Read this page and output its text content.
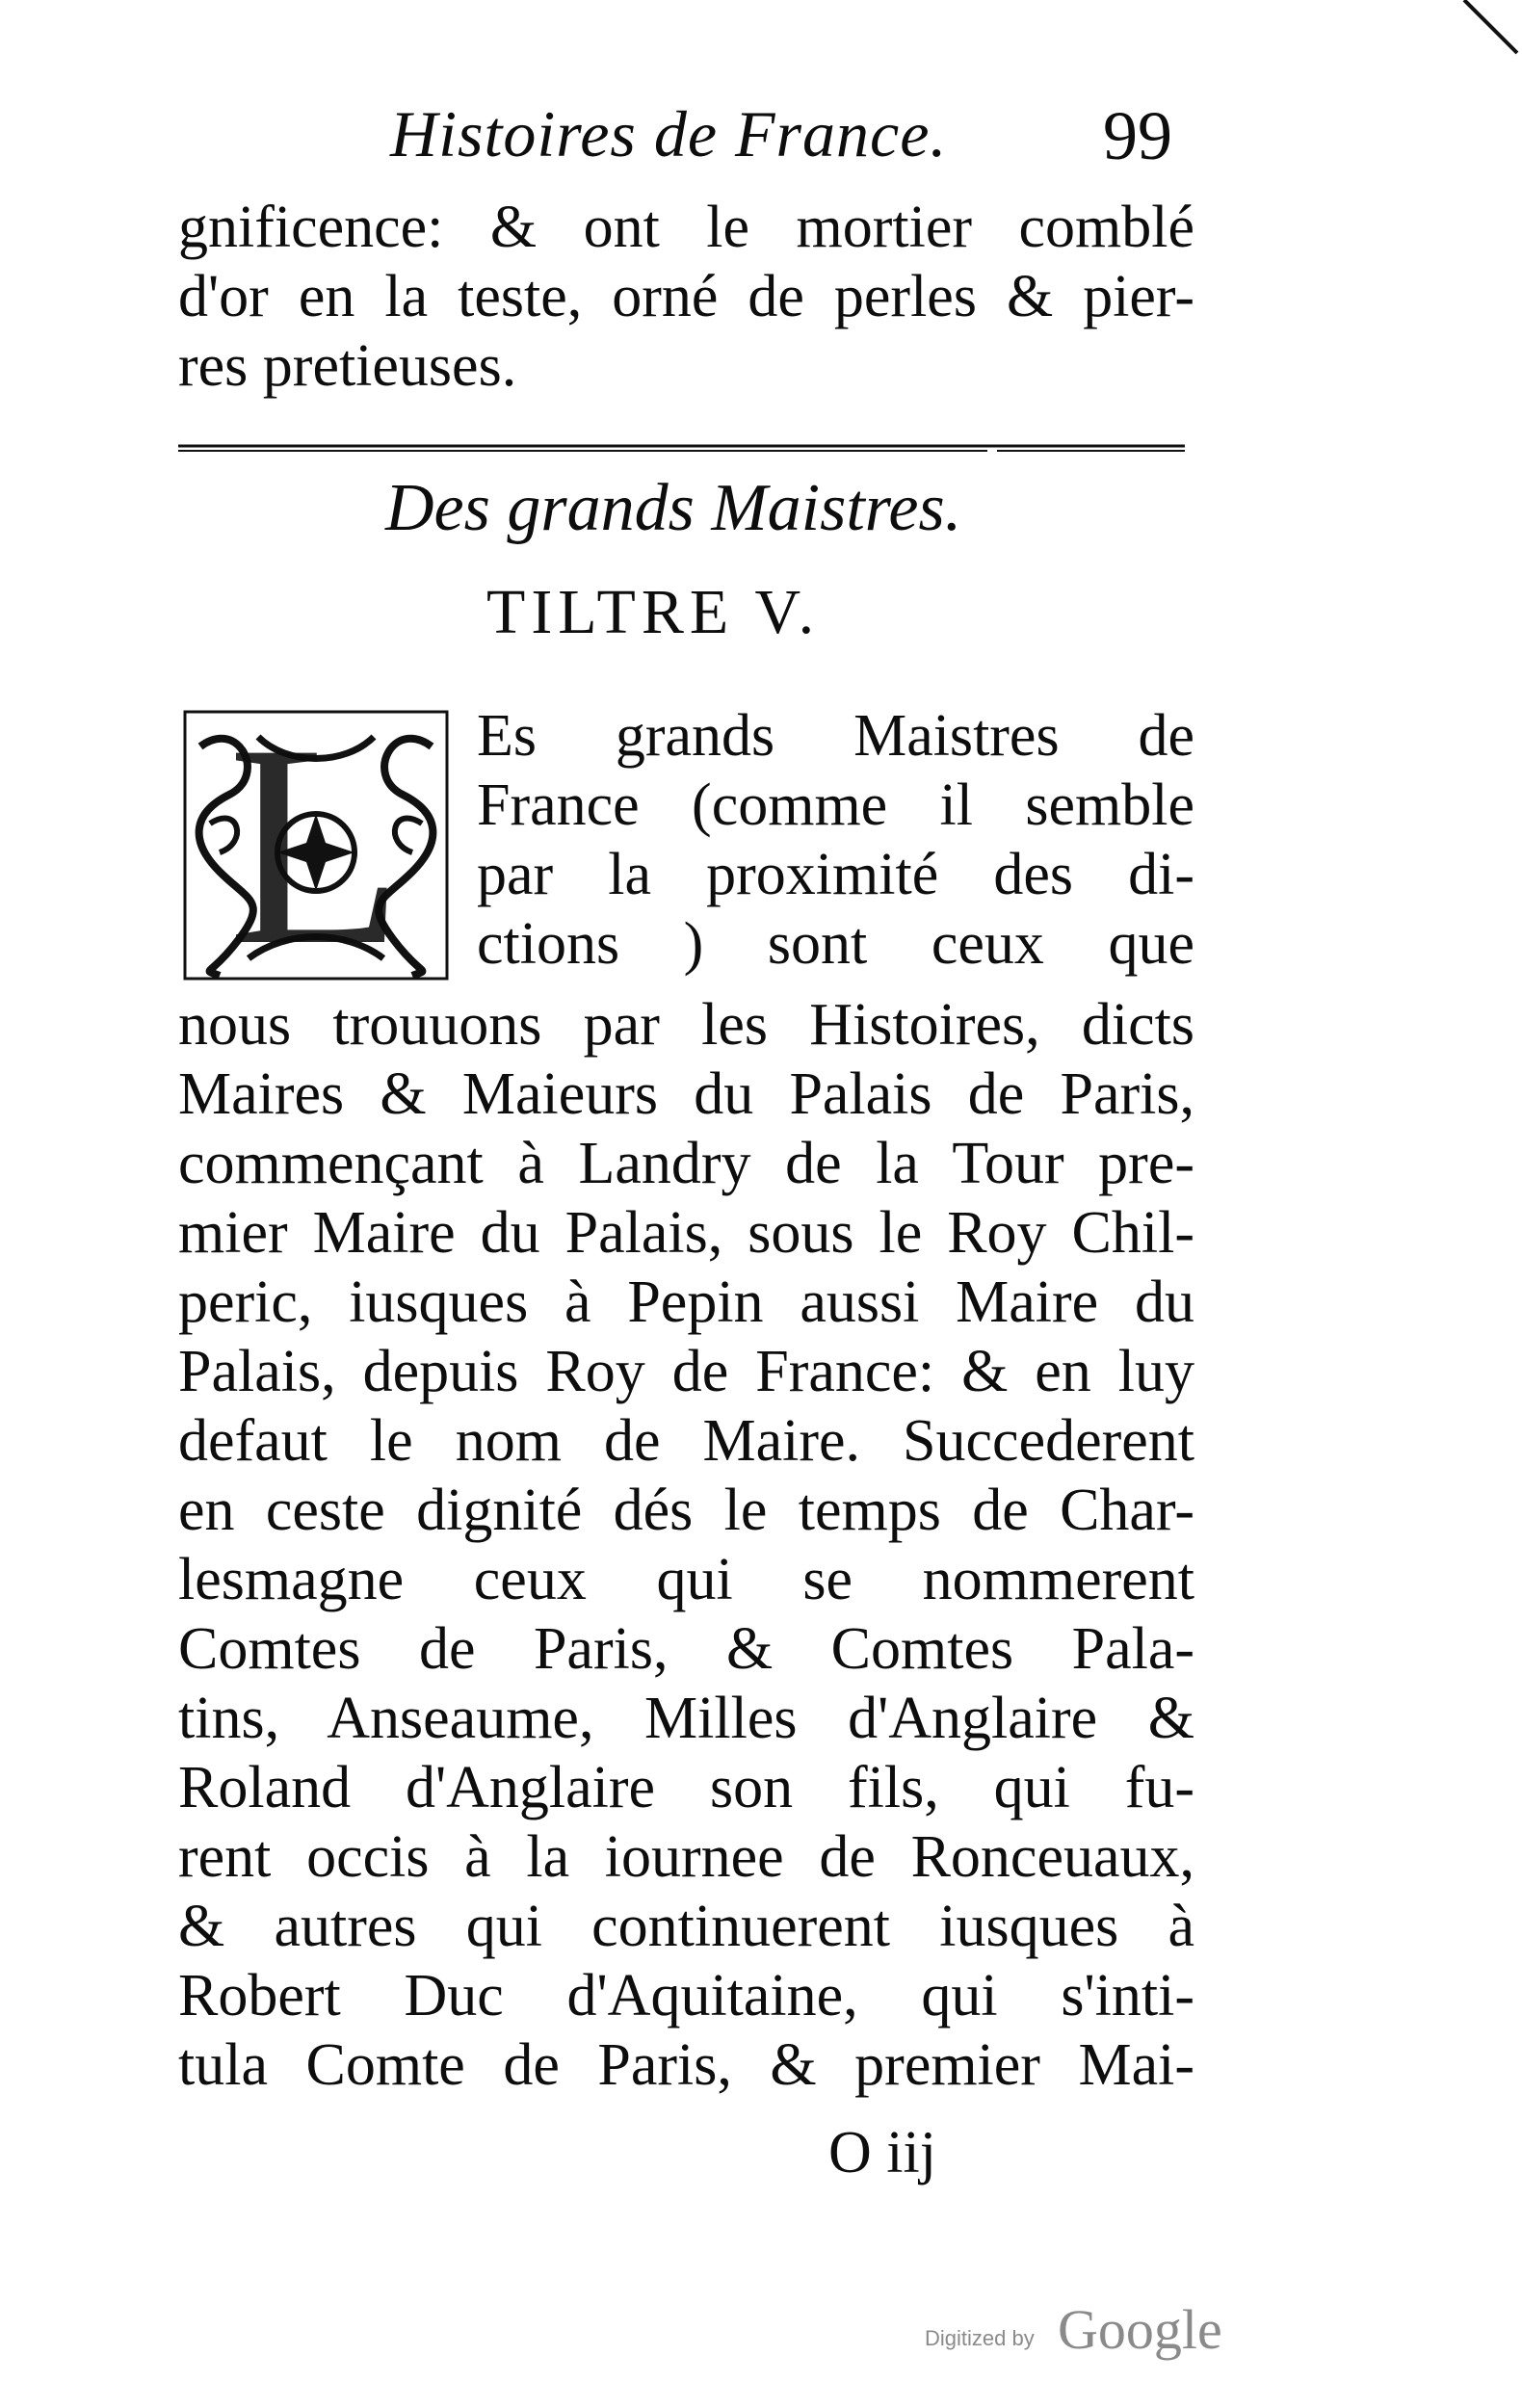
Histoires de France. 99
gnificence: & ont le mortier comblé
d'or en la teste, orné de perles & pier-
res pretieuses.
Des grands Maistres.
TILTRE V.
L	Es grands Maistres de
France (comme il semble
par la proximité des di-
ctions ) sont ceux que
nous trouuons par les Histoires, dicts
Maires & Maieurs du Palais de Paris,
commençant à Landry de la Tour pre-
mier Maire du Palais, sous le Roy Chil-
peric, iusques à Pepin aussi Maire du
Palais, depuis Roy de France: & en luy
defaut le nom de Maire. Succederent
en ceste dignité dés le temps de Char-
lesmagne ceux qui se nommerent
Comtes de Paris, & Comtes Pala-
tins, Anseaume, Milles d'Anglaire &
Roland d'Anglaire son fils, qui fu-
rent occis à la iournee de Ronceuaux,
& autres qui continuerent iusques à
Robert Duc d'Aquitaine, qui s'inti-
tula Comte de Paris, & premier Mai-
O iij
Digitized by Google
